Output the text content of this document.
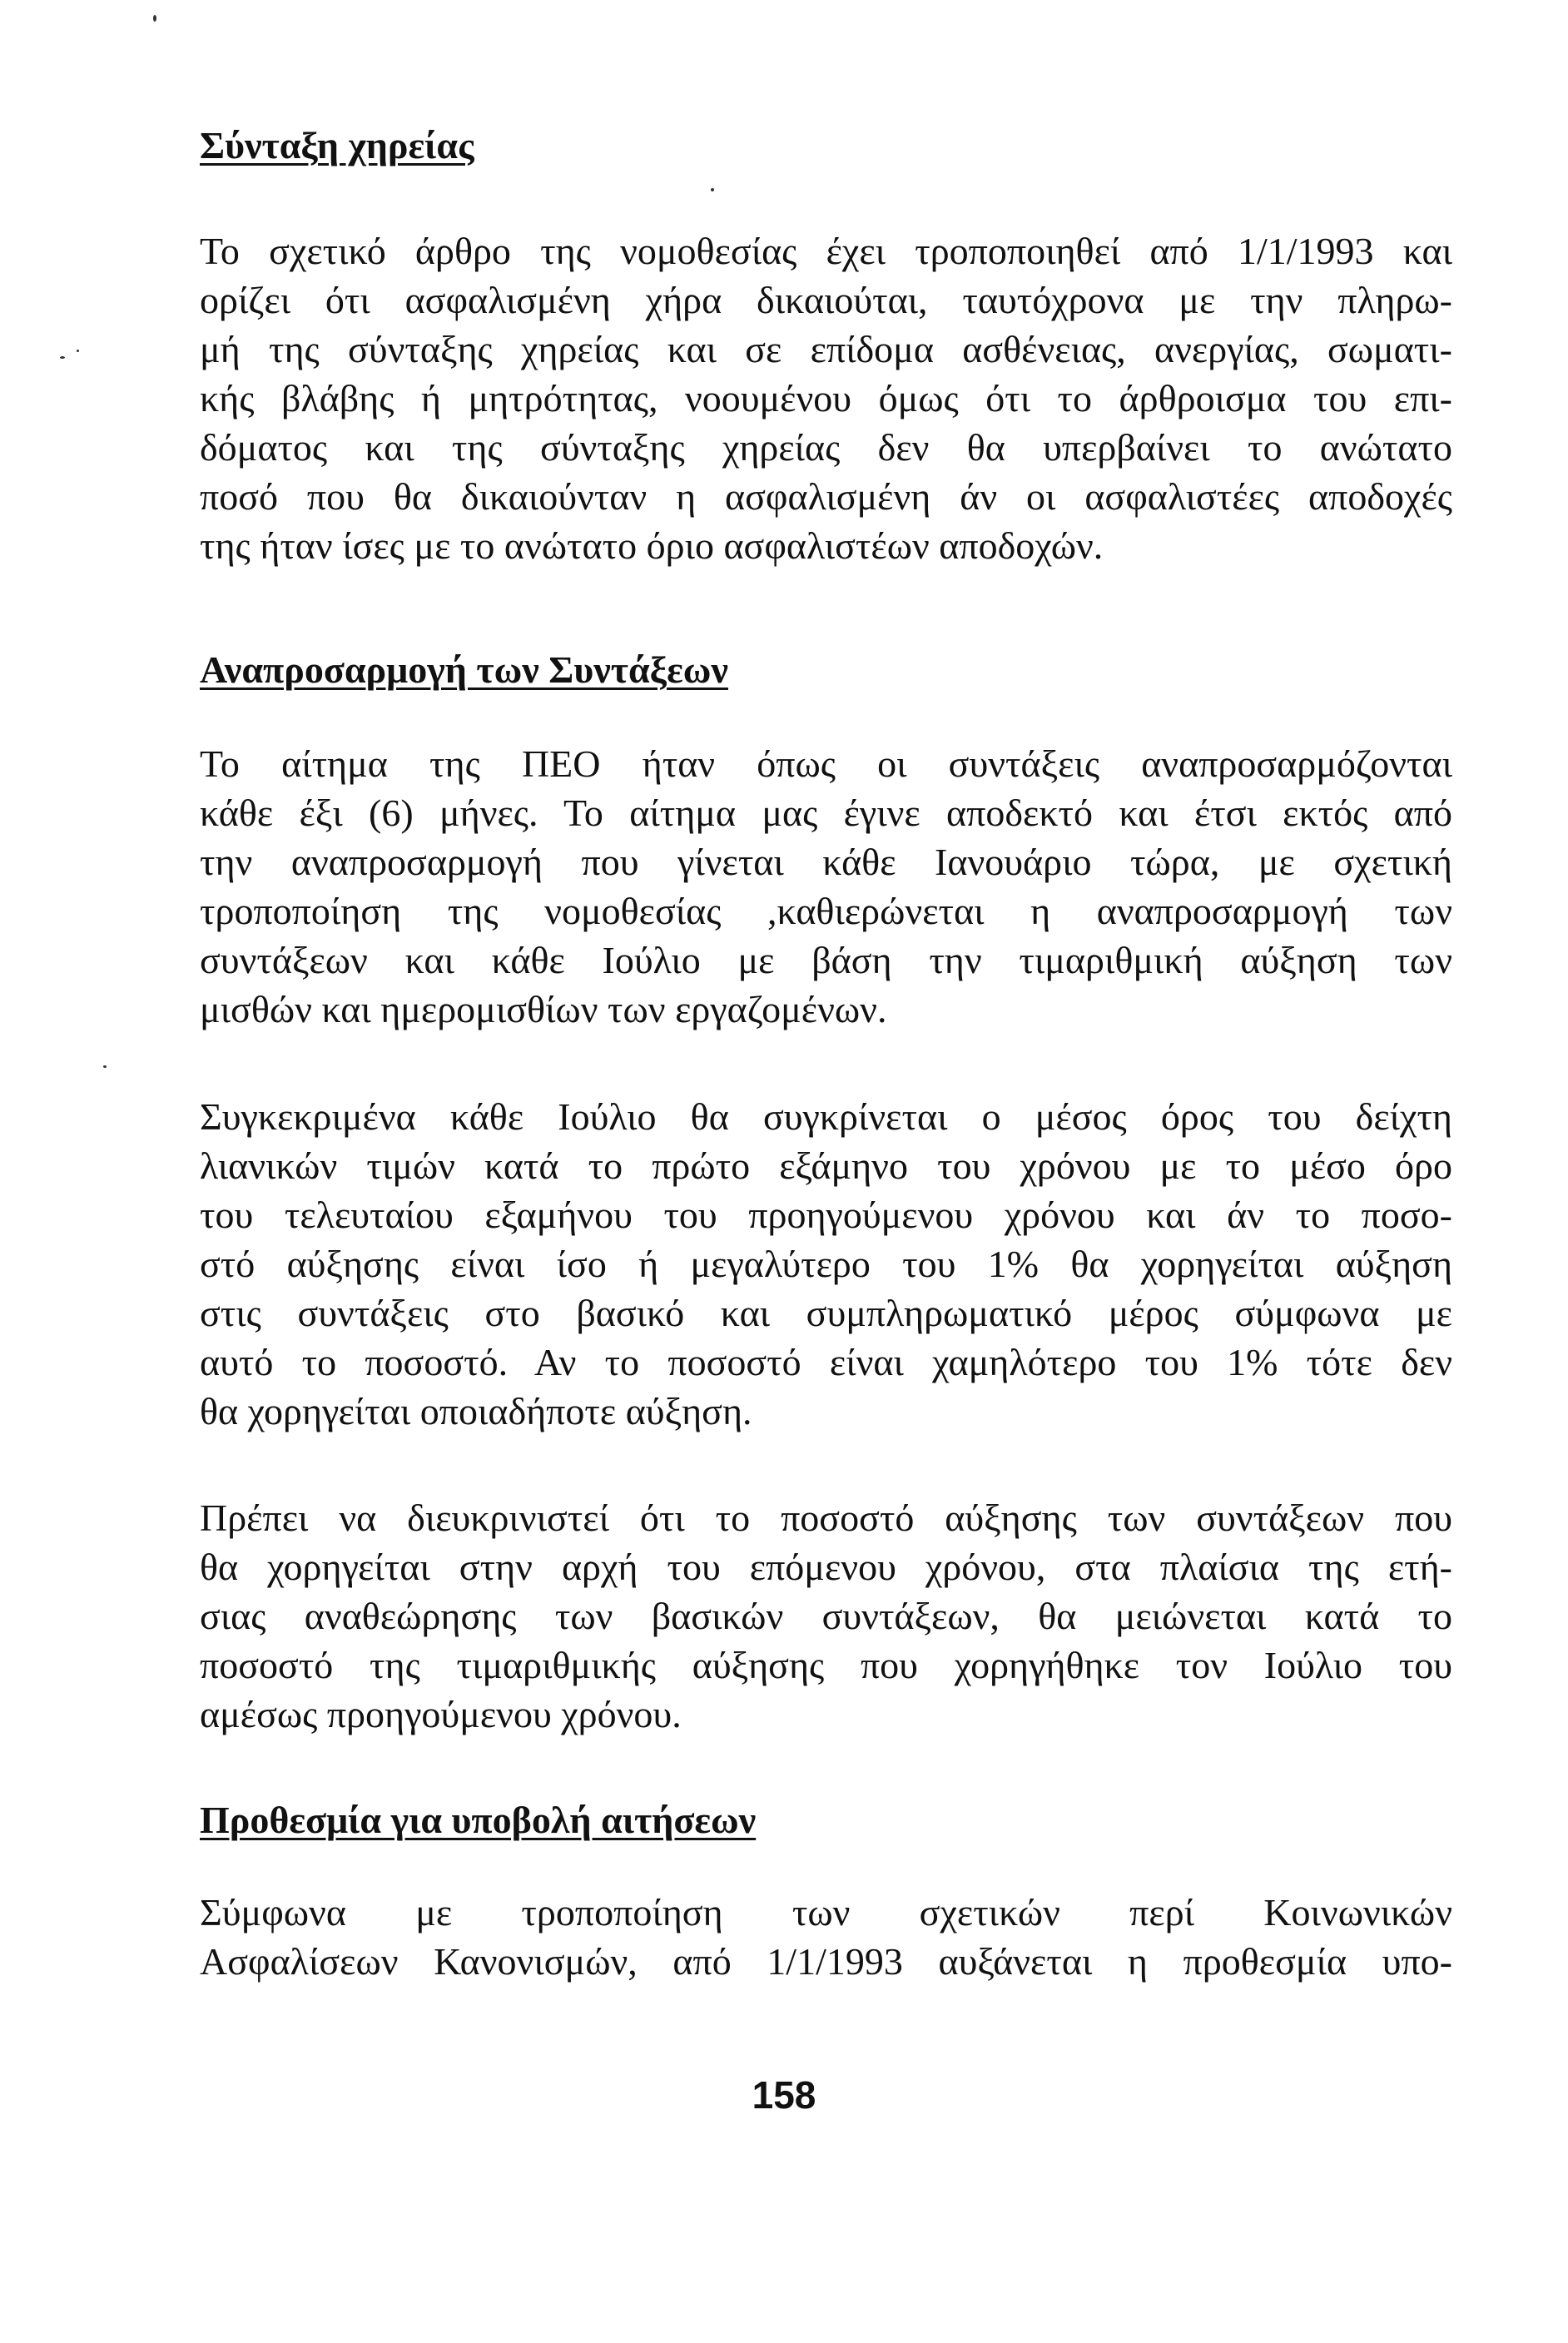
Σύνταξη χηρείας
Το σχετικό άρθρο της νομοθεσίας έχει τροποποιηθεί από 1/1/1993 και
ορίζει ότι ασφαλισμένη χήρα δικαιούται, ταυτόχρονα με την πληρω-
μή της σύνταξης χηρείας και σε επίδομα ασθένειας, ανεργίας, σωματι-
κής βλάβης ή μητρότητας, νοουμένου όμως ότι το άρθροισμα του επι-
δόματος και της σύνταξης χηρείας δεν θα υπερβαίνει το ανώτατο
ποσό που θα δικαιούνταν η ασφαλισμένη άν οι ασφαλιστέες αποδοχές
της ήταν ίσες με το ανώτατο όριο ασφαλιστέων αποδοχών.
Αναπροσαρμογή των Συντάξεων
Το αίτημα της ΠΕΟ ήταν όπως οι συντάξεις αναπροσαρμόζονται
κάθε έξι (6) μήνες. Το αίτημα μας έγινε αποδεκτό και έτσι εκτός από
την αναπροσαρμογή που γίνεται κάθε Ιανουάριο τώρα, με σχετική
τροποποίηση της νομοθεσίας ,καθιερώνεται η αναπροσαρμογή των
συντάξεων και κάθε Ιούλιο με βάση την τιμαριθμική αύξηση των
μισθών και ημερομισθίων των εργαζομένων.
Συγκεκριμένα κάθε Ιούλιο θα συγκρίνεται ο μέσος όρος του δείχτη
λιανικών τιμών κατά το πρώτο εξάμηνο του χρόνου με το μέσο όρο
του τελευταίου εξαμήνου του προηγούμενου χρόνου και άν το ποσο-
στό αύξησης είναι ίσο ή μεγαλύτερο του 1% θα χορηγείται αύξηση
στις συντάξεις στο βασικό και συμπληρωματικό μέρος σύμφωνα με
αυτό το ποσοστό. Αν το ποσοστό είναι χαμηλότερο του 1% τότε δεν
θα χορηγείται οποιαδήποτε αύξηση.
Πρέπει να διευκρινιστεί ότι το ποσοστό αύξησης των συντάξεων που
θα χορηγείται στην αρχή του επόμενου χρόνου, στα πλαίσια της ετή-
σιας αναθεώρησης των βασικών συντάξεων, θα μειώνεται κατά το
ποσοστό της τιμαριθμικής αύξησης που χορηγήθηκε τον Ιούλιο του
αμέσως προηγούμενου χρόνου.
Προθεσμία για υποβολή αιτήσεων
Σύμφωνα με τροποποίηση των σχετικών περί Κοινωνικών
Ασφαλίσεων Κανονισμών, από 1/1/1993 αυξάνεται η προθεσμία υπο-

158
